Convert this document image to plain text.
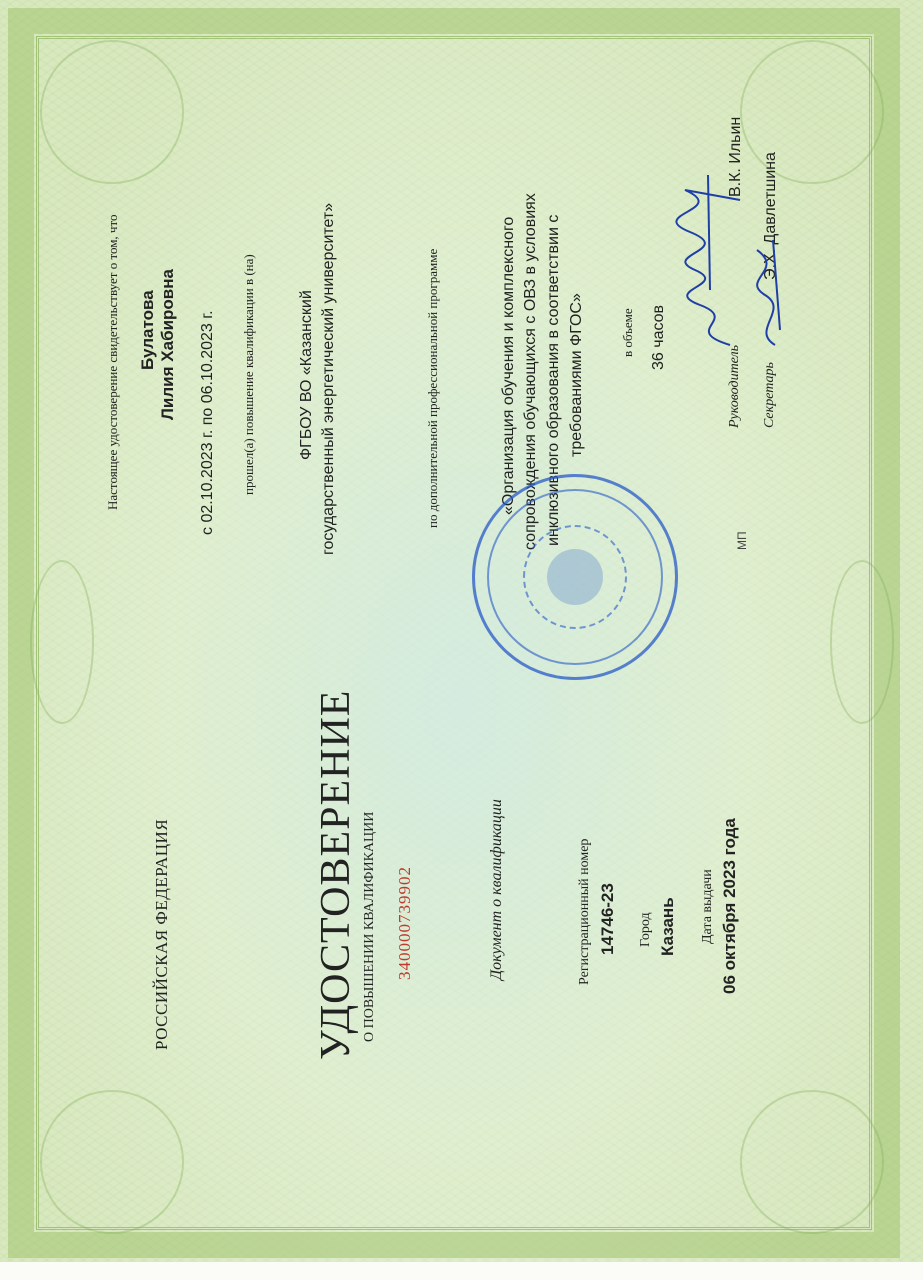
РОССИЙСКАЯ ФЕДЕРАЦИЯ	УДОСТОВЕРЕНИЕ О ПОВЫШЕНИИ КВАЛИФИКАЦИИ 340000739902	Документ о квалификации	Регистрационный номер 14746-23 Город Казань Дата выдачи 06 октября 2023 года
Настоящее удостоверение свидетельствует о том, что Булатова Лилия Хабировна с 02.10.2023 г. по 06.10.2023 г. прошел(а) повышение квалификации в (на)	ФГБОУ ВО «Казанский государственный энергетический университет»	по дополнительной профессиональной программе	«Организация обучения и комплексного сопровождения обучающихся с ОВЗ в условиях инклюзивного образования в соответствии с требованиями ФГОС»	в объеме 36 часов
Руководитель
В.К. Ильин
Секретарь
Э.Х. Давлетшина
МП
